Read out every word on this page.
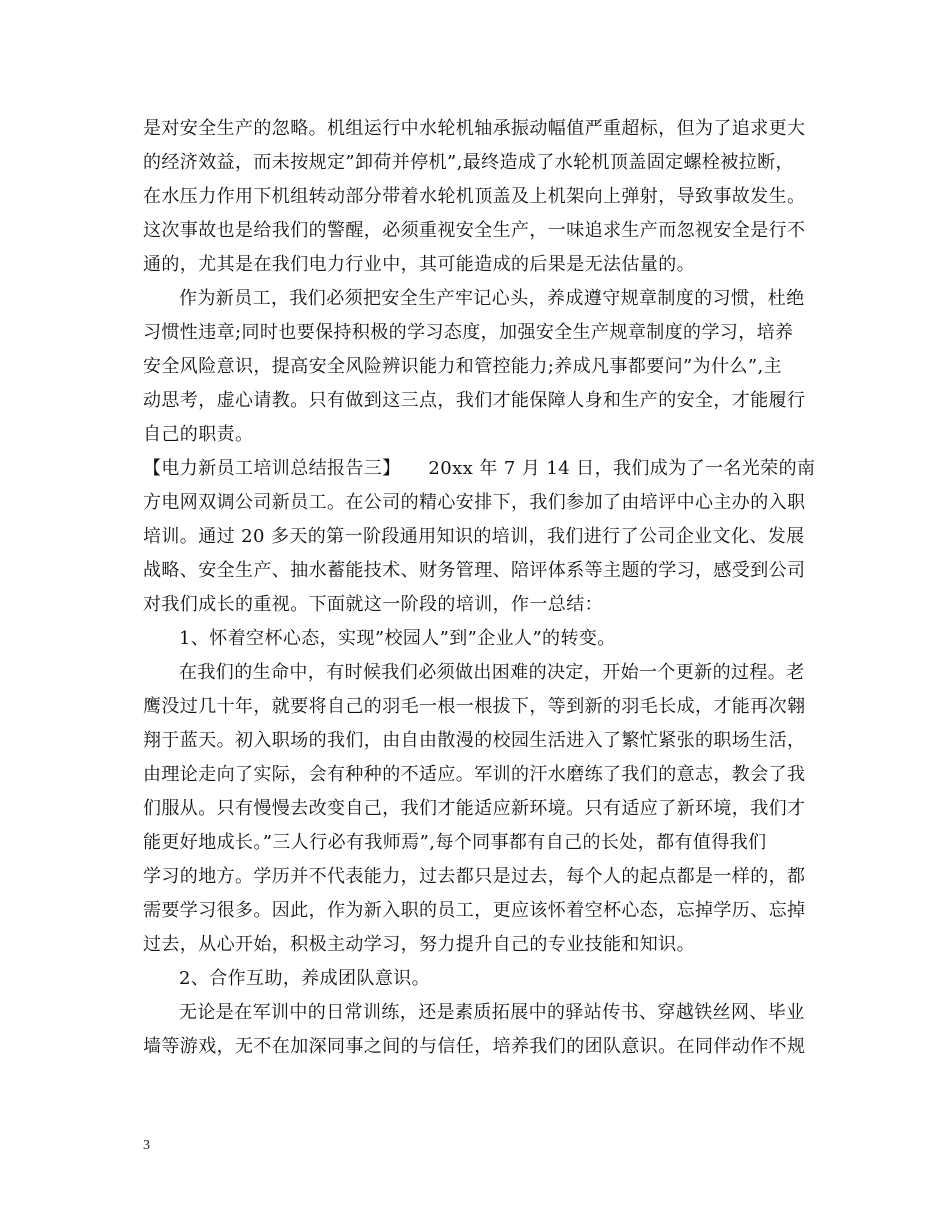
是对安全生产的忽略。机组运行中水轮机轴承振动幅值严重超标，但为了追求更大
的经济效益，而未按规定”卸荷并停机”,最终造成了水轮机顶盖固定螺栓被拉断，
在水压力作用下机组转动部分带着水轮机顶盖及上机架向上弹射，导致事故发生。
这次事故也是给我们的警醒，必须重视安全生产，一味追求生产而忽视安全是行不
通的，尤其是在我们电力行业中，其可能造成的后果是无法估量的。
作为新员工，我们必须把安全生产牢记心头，养成遵守规章制度的习惯，杜绝
习惯性违章;同时也要保持积极的学习态度，加强安全生产规章制度的学习，培养
安全风险意识，提高安全风险辨识能力和管控能力;养成凡事都要问”为什么”,主
动思考，虚心请教。只有做到这三点，我们才能保障人身和生产的安全，才能履行
自己的职责。
【电力新员工培训总结报告三】　　20xx 年 7 月 14 日，我们成为了一名光荣的南
方电网双调公司新员工。在公司的精心安排下，我们参加了由培评中心主办的入职
培训。通过 20 多天的第一阶段通用知识的培训，我们进行了公司企业文化、发展
战略、安全生产、抽水蓄能技术、财务管理、陪评体系等主题的学习，感受到公司
对我们成长的重视。下面就这一阶段的培训，作一总结：
1、怀着空杯心态，实现”校园人”到”企业人”的转变。
在我们的生命中，有时候我们必须做出困难的决定，开始一个更新的过程。老
鹰没过几十年，就要将自己的羽毛一根一根拔下，等到新的羽毛长成，才能再次翱
翔于蓝天。初入职场的我们，由自由散漫的校园生活进入了繁忙紧张的职场生活，
由理论走向了实际，会有种种的不适应。军训的汗水磨练了我们的意志，教会了我
们服从。只有慢慢去改变自己，我们才能适应新环境。只有适应了新环境，我们才
能更好地成长。”三人行必有我师焉”,每个同事都有自己的长处，都有值得我们
学习的地方。学历并不代表能力，过去都只是过去，每个人的起点都是一样的，都
需要学习很多。因此，作为新入职的员工，更应该怀着空杯心态，忘掉学历、忘掉
过去，从心开始，积极主动学习，努力提升自己的专业技能和知识。
2、合作互助，养成团队意识。
无论是在军训中的日常训练，还是素质拓展中的驿站传书、穿越铁丝网、毕业
墙等游戏，无不在加深同事之间的与信任，培养我们的团队意识。在同伴动作不规
3
